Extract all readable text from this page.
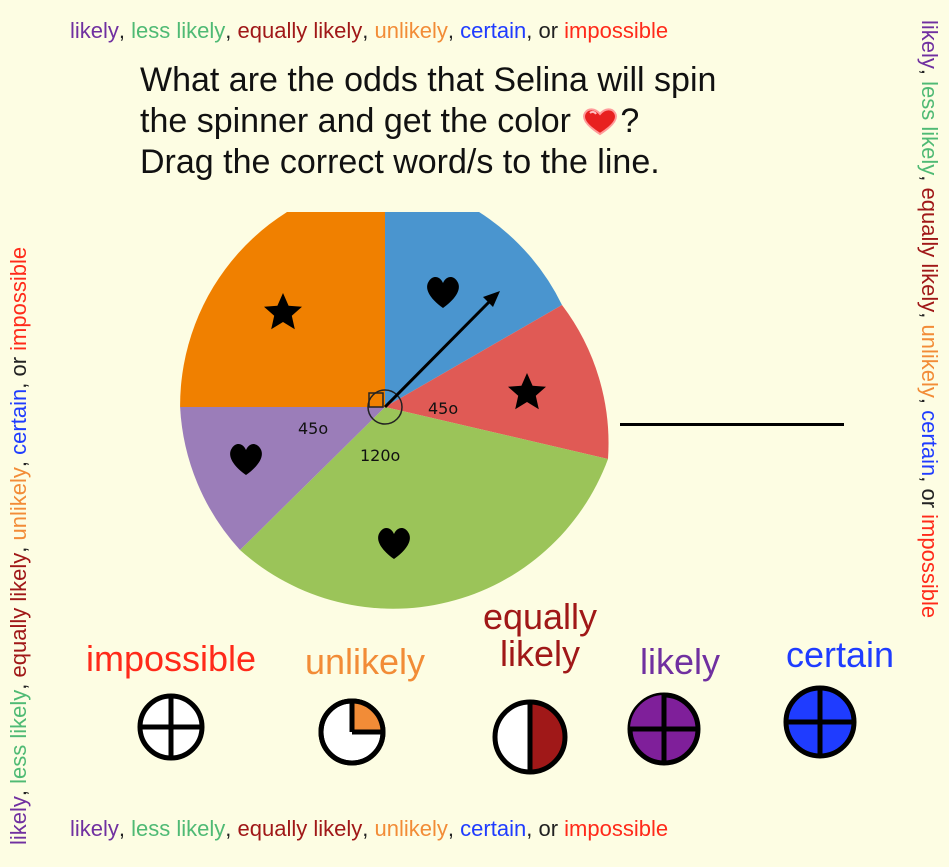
likely, less likely, equally likely, unlikely, certain, or impossible
likely, less likely, equally likely, unlikely, certain, or impossible
likely, less likely, equally likely, unlikely, certain, or impossible
likely, less likely, equally likely, unlikely, certain, or impossible
What are the odds that Selina will spin
the spinner and get the color ?
Drag the correct word/s to the line.
45o
45o
120o
impossible	unlikely
equally
likely	likely	certain
